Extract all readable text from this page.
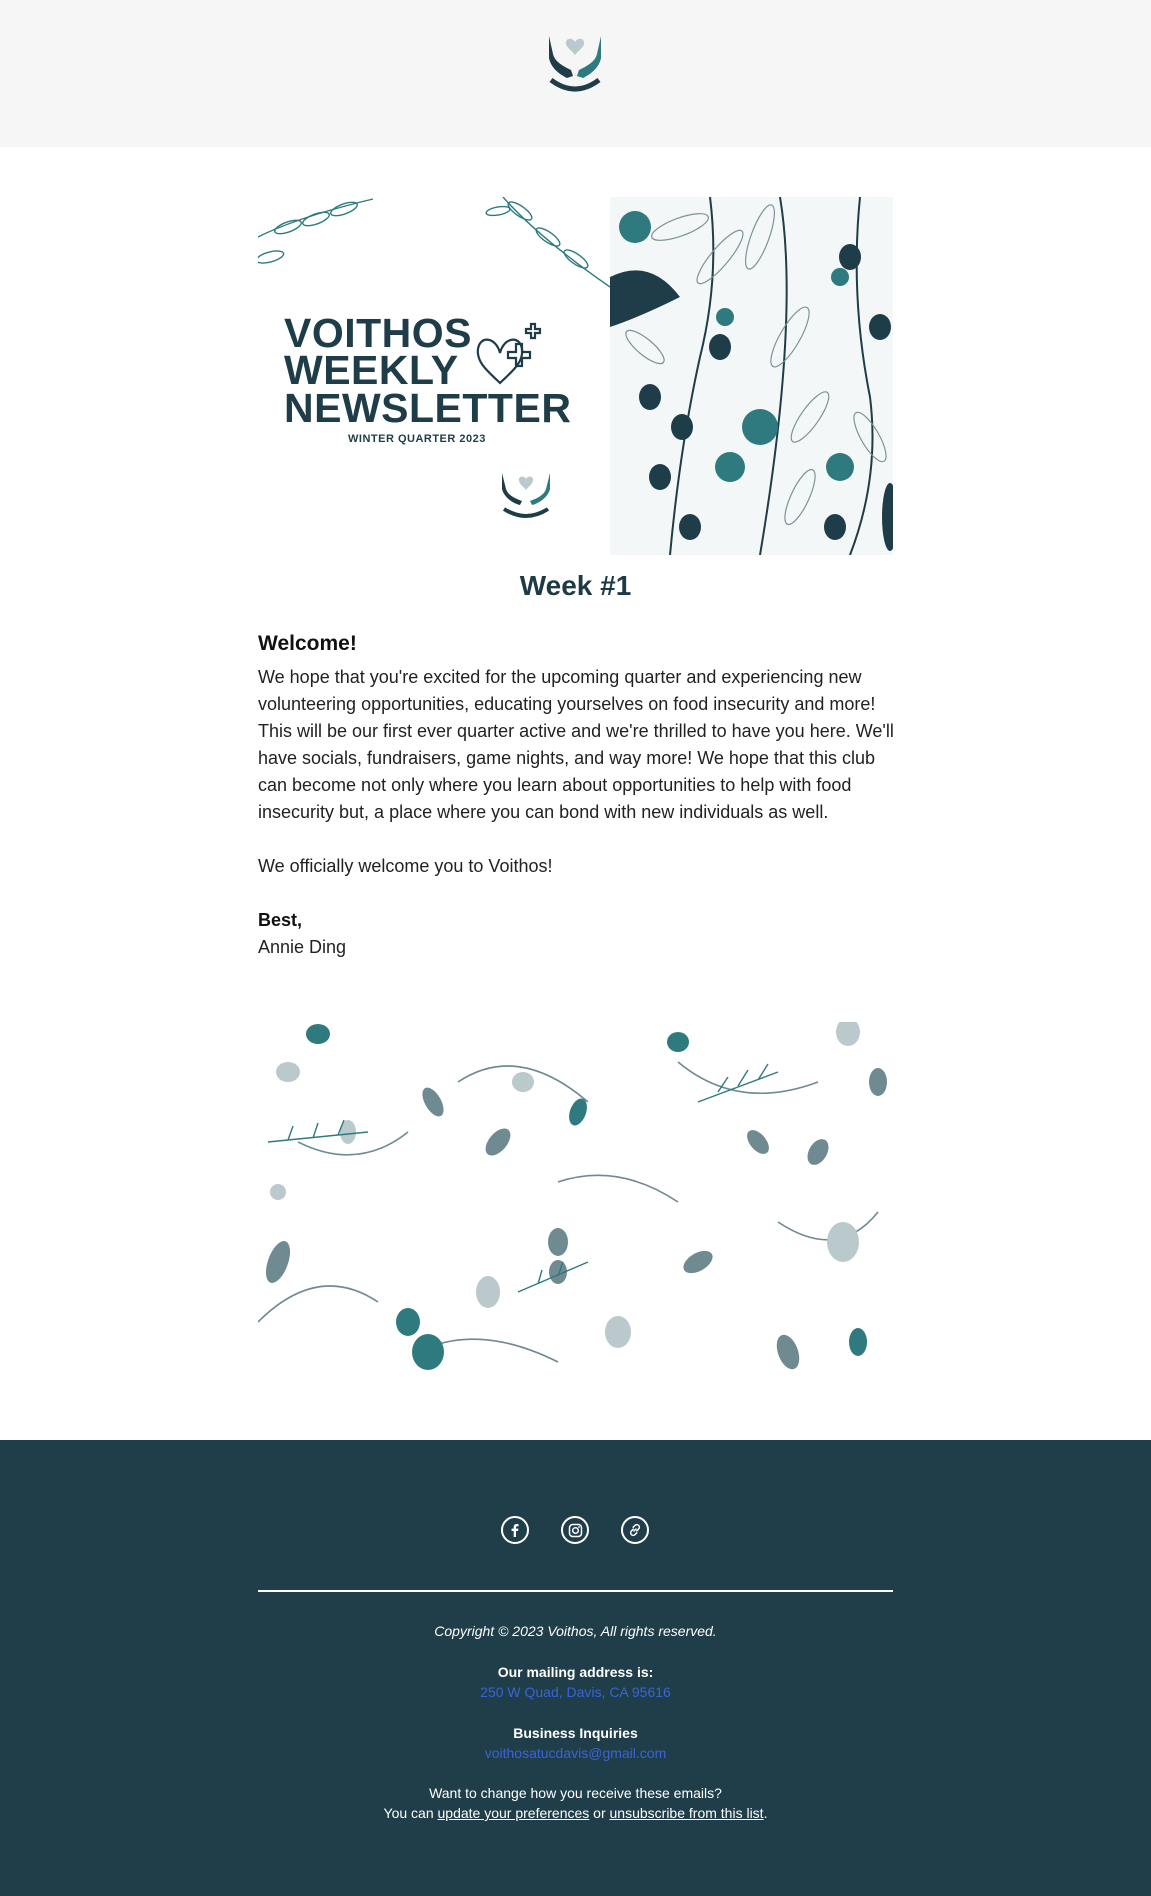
VOITHOS
WEEKLY
NEWSLETTER
WINTER QUARTER 2023
Week #1
Welcome!

We hope that you're excited for the upcoming quarter and experiencing new volunteering opportunities, educating yourselves on food insecurity and more! This will be our first ever quarter active and we're thrilled to have you here. We'll have socials, fundraisers, game nights, and way more! We hope that this club can become not only where you learn about opportunities to help with food insecurity but, a place where you can bond with new individuals as well.

We officially welcome you to Voithos!

Best,

Annie Ding

Copyright © 2023 Voithos, All rights reserved.

Our mailing address is:

250 W Quad, Davis, CA 95616

Business Inquiries

voithosatucdavis@gmail.com

Want to change how you receive these emails?

You can update your preferences or unsubscribe from this list.
